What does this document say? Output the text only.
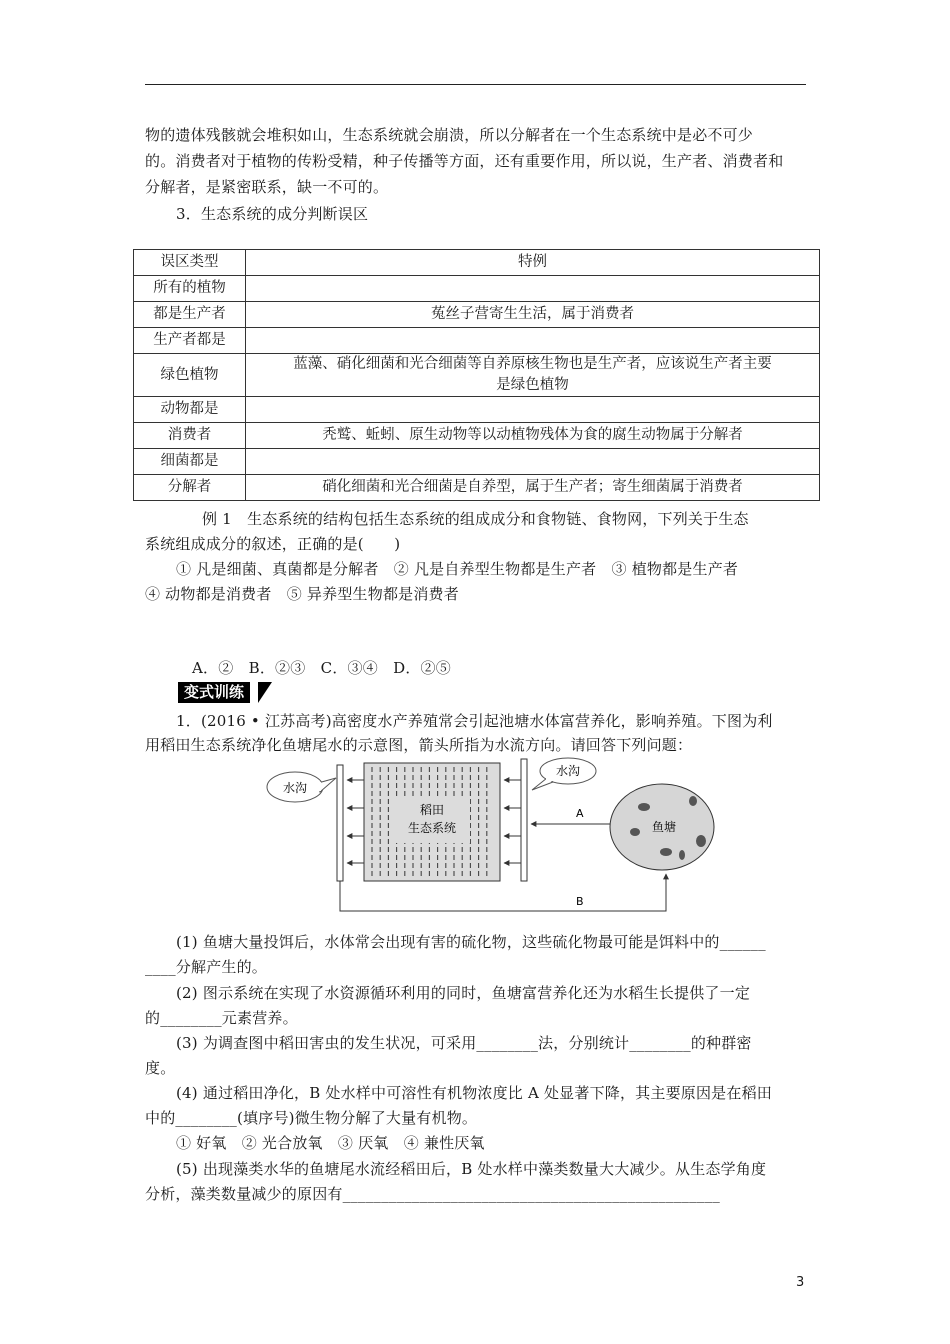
物的遗体残骸就会堆积如山，生态系统就会崩溃，所以分解者在一个生态系统中是必不可少
的。消费者对于植物的传粉受精，种子传播等方面，还有重要作用，所以说，生产者、消费者和
分解者，是紧密联系，缺一不可的。
3．生态系统的成分判断误区
误区类型	特例
所有的植物	
都是生产者	菟丝子营寄生生活，属于消费者
生产者都是	
绿色植物	蓝藻、硝化细菌和光合细菌等自养原核生物也是生产者，应该说生产者主要
是绿色植物
动物都是	
消费者	秃鹫、蚯蚓、原生动物等以动植物残体为食的腐生动物属于分解者
细菌都是	
分解者	硝化细菌和光合细菌是自养型，属于生产者；寄生细菌属于消费者
例 1　生态系统的结构包括生态系统的组成成分和食物链、食物网，下列关于生态
系统组成成分的叙述，正确的是(　　)
① 凡是细菌、真菌都是分解者　② 凡是自养型生物都是生产者　③ 植物都是生产者
④ 动物都是消费者　⑤ 异养型生物都是消费者
A．②　B．②③　C．③④　D．②⑤
变式训练
1．(2016 • 江苏高考)高密度水产养殖常会引起池塘水体富营养化，影响养殖。下图为利
用稻田生态系统净化鱼塘尾水的示意图，箭头所指为水流方向。请回答下列问题：
水沟
稻田
生态系统
水沟
A
鱼塘
B
(1) 鱼塘大量投饵后，水体常会出现有害的硫化物，这些硫化物最可能是饵料中的______
____分解产生的。
(2) 图示系统在实现了水资源循环利用的同时，鱼塘富营养化还为水稻生长提供了一定
的________元素营养。
(3) 为调查图中稻田害虫的发生状况，可采用________法，分别统计________的种群密
度。
(4) 通过稻田净化，B 处水样中可溶性有机物浓度比 A 处显著下降，其主要原因是在稻田
中的________(填序号)微生物分解了大量有机物。
① 好氧　② 光合放氧　③ 厌氧　④ 兼性厌氧
(5) 出现藻类水华的鱼塘尾水流经稻田后，B 处水样中藻类数量大大减少。从生态学角度
分析，藻类数量减少的原因有_________________________________________________
3
